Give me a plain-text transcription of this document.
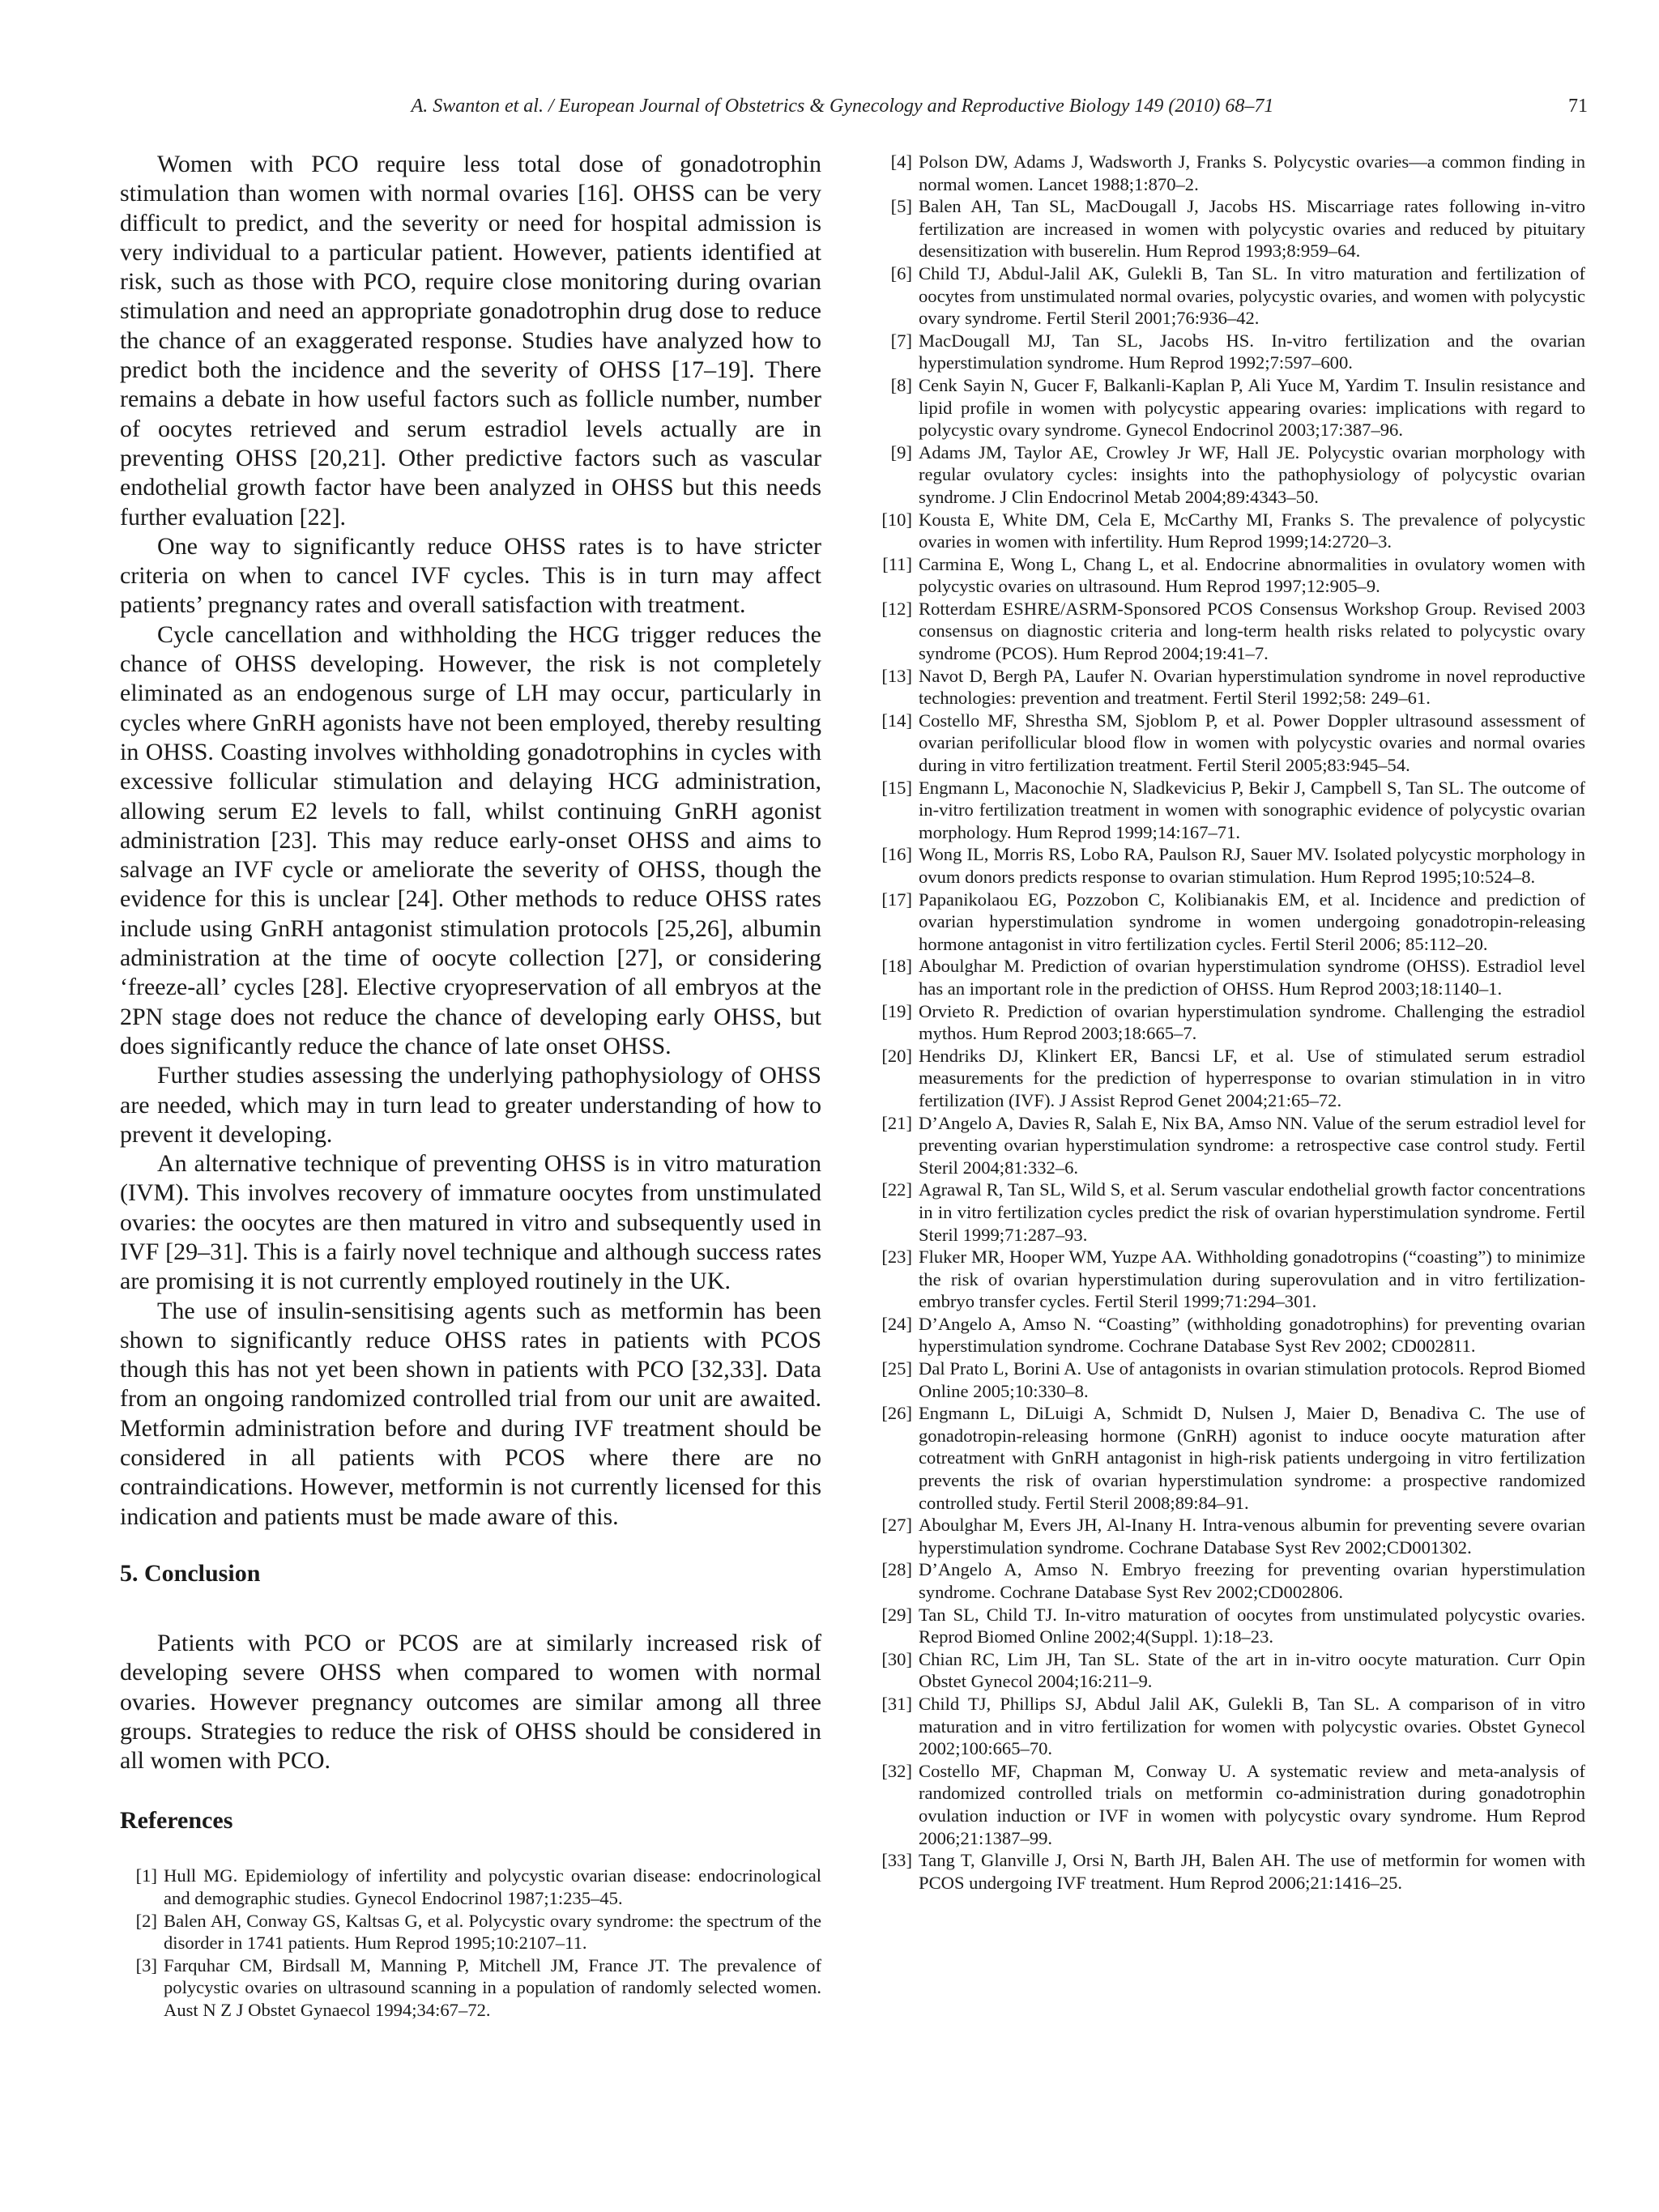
A. Swanton et al. / European Journal of Obstetrics & Gynecology and Reproductive Biology 149 (2010) 68–71	71

Women with PCO require less total dose of gonadotrophin stimulation than women with normal ovaries [16]. OHSS can be very difficult to predict, and the severity or need for hospital admission is very individual to a particular patient. However, patients identified at risk, such as those with PCO, require close monitoring during ovarian stimulation and need an appropriate gonadotrophin drug dose to reduce the chance of an exaggerated response. Studies have analyzed how to predict both the incidence and the severity of OHSS [17–19]. There remains a debate in how useful factors such as follicle number, number of oocytes retrieved and serum estradiol levels actually are in preventing OHSS [20,21]. Other predictive factors such as vascular endothelial growth factor have been analyzed in OHSS but this needs further evaluation [22].

One way to significantly reduce OHSS rates is to have stricter criteria on when to cancel IVF cycles. This is in turn may affect patients’ pregnancy rates and overall satisfaction with treatment.

Cycle cancellation and withholding the HCG trigger reduces the chance of OHSS developing. However, the risk is not completely eliminated as an endogenous surge of LH may occur, particularly in cycles where GnRH agonists have not been employed, thereby resulting in OHSS. Coasting involves withholding gonadotrophins in cycles with excessive follicular stimulation and delaying HCG administration, allowing serum E2 levels to fall, whilst continuing GnRH agonist administration [23]. This may reduce early-onset OHSS and aims to salvage an IVF cycle or ameliorate the severity of OHSS, though the evidence for this is unclear [24]. Other methods to reduce OHSS rates include using GnRH antagonist stimulation protocols [25,26], albumin administration at the time of oocyte collection [27], or considering ‘freeze-all’ cycles [28]. Elective cryopreservation of all embryos at the 2PN stage does not reduce the chance of developing early OHSS, but does significantly reduce the chance of late onset OHSS.

Further studies assessing the underlying pathophysiology of OHSS are needed, which may in turn lead to greater understanding of how to prevent it developing.

An alternative technique of preventing OHSS is in vitro maturation (IVM). This involves recovery of immature oocytes from unstimulated ovaries: the oocytes are then matured in vitro and subsequently used in IVF [29–31]. This is a fairly novel technique and although success rates are promising it is not currently employed routinely in the UK.

The use of insulin-sensitising agents such as metformin has been shown to significantly reduce OHSS rates in patients with PCOS though this has not yet been shown in patients with PCO [32,33]. Data from an ongoing randomized controlled trial from our unit are awaited. Metformin administration before and during IVF treatment should be considered in all patients with PCOS where there are no contraindications. However, metformin is not currently licensed for this indication and patients must be made aware of this.

5. Conclusion

Patients with PCO or PCOS are at similarly increased risk of developing severe OHSS when compared to women with normal ovaries. However pregnancy outcomes are similar among all three groups. Strategies to reduce the risk of OHSS should be considered in all women with PCO.

References
[1] Hull MG. Epidemiology of infertility and polycystic ovarian disease: endocrinological and demographic studies. Gynecol Endocrinol 1987;1:235–45.
[2] Balen AH, Conway GS, Kaltsas G, et al. Polycystic ovary syndrome: the spectrum of the disorder in 1741 patients. Hum Reprod 1995;10:2107–11.
[3] Farquhar CM, Birdsall M, Manning P, Mitchell JM, France JT. The prevalence of polycystic ovaries on ultrasound scanning in a population of randomly selected women. Aust N Z J Obstet Gynaecol 1994;34:67–72.
[4] Polson DW, Adams J, Wadsworth J, Franks S. Polycystic ovaries—a common finding in normal women. Lancet 1988;1:870–2.
[5] Balen AH, Tan SL, MacDougall J, Jacobs HS. Miscarriage rates following in-vitro fertilization are increased in women with polycystic ovaries and reduced by pituitary desensitization with buserelin. Hum Reprod 1993;8:959–64.
[6] Child TJ, Abdul-Jalil AK, Gulekli B, Tan SL. In vitro maturation and fertilization of oocytes from unstimulated normal ovaries, polycystic ovaries, and women with polycystic ovary syndrome. Fertil Steril 2001;76:936–42.
[7] MacDougall MJ, Tan SL, Jacobs HS. In-vitro fertilization and the ovarian hyperstimulation syndrome. Hum Reprod 1992;7:597–600.
[8] Cenk Sayin N, Gucer F, Balkanli-Kaplan P, Ali Yuce M, Yardim T. Insulin resistance and lipid profile in women with polycystic appearing ovaries: implications with regard to polycystic ovary syndrome. Gynecol Endocrinol 2003;17:387–96.
[9] Adams JM, Taylor AE, Crowley Jr WF, Hall JE. Polycystic ovarian morphology with regular ovulatory cycles: insights into the pathophysiology of polycystic ovarian syndrome. J Clin Endocrinol Metab 2004;89:4343–50.
[10] Kousta E, White DM, Cela E, McCarthy MI, Franks S. The prevalence of polycystic ovaries in women with infertility. Hum Reprod 1999;14:2720–3.
[11] Carmina E, Wong L, Chang L, et al. Endocrine abnormalities in ovulatory women with polycystic ovaries on ultrasound. Hum Reprod 1997;12:905–9.
[12] Rotterdam ESHRE/ASRM-Sponsored PCOS Consensus Workshop Group. Revised 2003 consensus on diagnostic criteria and long-term health risks related to polycystic ovary syndrome (PCOS). Hum Reprod 2004;19:41–7.
[13] Navot D, Bergh PA, Laufer N. Ovarian hyperstimulation syndrome in novel reproductive technologies: prevention and treatment. Fertil Steril 1992;58: 249–61.
[14] Costello MF, Shrestha SM, Sjoblom P, et al. Power Doppler ultrasound assessment of ovarian perifollicular blood flow in women with polycystic ovaries and normal ovaries during in vitro fertilization treatment. Fertil Steril 2005;83:945–54.
[15] Engmann L, Maconochie N, Sladkevicius P, Bekir J, Campbell S, Tan SL. The outcome of in-vitro fertilization treatment in women with sonographic evidence of polycystic ovarian morphology. Hum Reprod 1999;14:167–71.
[16] Wong IL, Morris RS, Lobo RA, Paulson RJ, Sauer MV. Isolated polycystic morphology in ovum donors predicts response to ovarian stimulation. Hum Reprod 1995;10:524–8.
[17] Papanikolaou EG, Pozzobon C, Kolibianakis EM, et al. Incidence and prediction of ovarian hyperstimulation syndrome in women undergoing gonadotropin-releasing hormone antagonist in vitro fertilization cycles. Fertil Steril 2006; 85:112–20.
[18] Aboulghar M. Prediction of ovarian hyperstimulation syndrome (OHSS). Estradiol level has an important role in the prediction of OHSS. Hum Reprod 2003;18:1140–1.
[19] Orvieto R. Prediction of ovarian hyperstimulation syndrome. Challenging the estradiol mythos. Hum Reprod 2003;18:665–7.
[20] Hendriks DJ, Klinkert ER, Bancsi LF, et al. Use of stimulated serum estradiol measurements for the prediction of hyperresponse to ovarian stimulation in in vitro fertilization (IVF). J Assist Reprod Genet 2004;21:65–72.
[21] D’Angelo A, Davies R, Salah E, Nix BA, Amso NN. Value of the serum estradiol level for preventing ovarian hyperstimulation syndrome: a retrospective case control study. Fertil Steril 2004;81:332–6.
[22] Agrawal R, Tan SL, Wild S, et al. Serum vascular endothelial growth factor concentrations in in vitro fertilization cycles predict the risk of ovarian hyperstimulation syndrome. Fertil Steril 1999;71:287–93.
[23] Fluker MR, Hooper WM, Yuzpe AA. Withholding gonadotropins (“coasting”) to minimize the risk of ovarian hyperstimulation during superovulation and in vitro fertilization-embryo transfer cycles. Fertil Steril 1999;71:294–301.
[24] D’Angelo A, Amso N. “Coasting” (withholding gonadotrophins) for preventing ovarian hyperstimulation syndrome. Cochrane Database Syst Rev 2002; CD002811.
[25] Dal Prato L, Borini A. Use of antagonists in ovarian stimulation protocols. Reprod Biomed Online 2005;10:330–8.
[26] Engmann L, DiLuigi A, Schmidt D, Nulsen J, Maier D, Benadiva C. The use of gonadotropin-releasing hormone (GnRH) agonist to induce oocyte maturation after cotreatment with GnRH antagonist in high-risk patients undergoing in vitro fertilization prevents the risk of ovarian hyperstimulation syndrome: a prospective randomized controlled study. Fertil Steril 2008;89:84–91.
[27] Aboulghar M, Evers JH, Al-Inany H. Intra-venous albumin for preventing severe ovarian hyperstimulation syndrome. Cochrane Database Syst Rev 2002;CD001302.
[28] D’Angelo A, Amso N. Embryo freezing for preventing ovarian hyperstimulation syndrome. Cochrane Database Syst Rev 2002;CD002806.
[29] Tan SL, Child TJ. In-vitro maturation of oocytes from unstimulated polycystic ovaries. Reprod Biomed Online 2002;4(Suppl. 1):18–23.
[30] Chian RC, Lim JH, Tan SL. State of the art in in-vitro oocyte maturation. Curr Opin Obstet Gynecol 2004;16:211–9.
[31] Child TJ, Phillips SJ, Abdul Jalil AK, Gulekli B, Tan SL. A comparison of in vitro maturation and in vitro fertilization for women with polycystic ovaries. Obstet Gynecol 2002;100:665–70.
[32] Costello MF, Chapman M, Conway U. A systematic review and meta-analysis of randomized controlled trials on metformin co-administration during gonadotrophin ovulation induction or IVF in women with polycystic ovary syndrome. Hum Reprod 2006;21:1387–99.
[33] Tang T, Glanville J, Orsi N, Barth JH, Balen AH. The use of metformin for women with PCOS undergoing IVF treatment. Hum Reprod 2006;21:1416–25.
